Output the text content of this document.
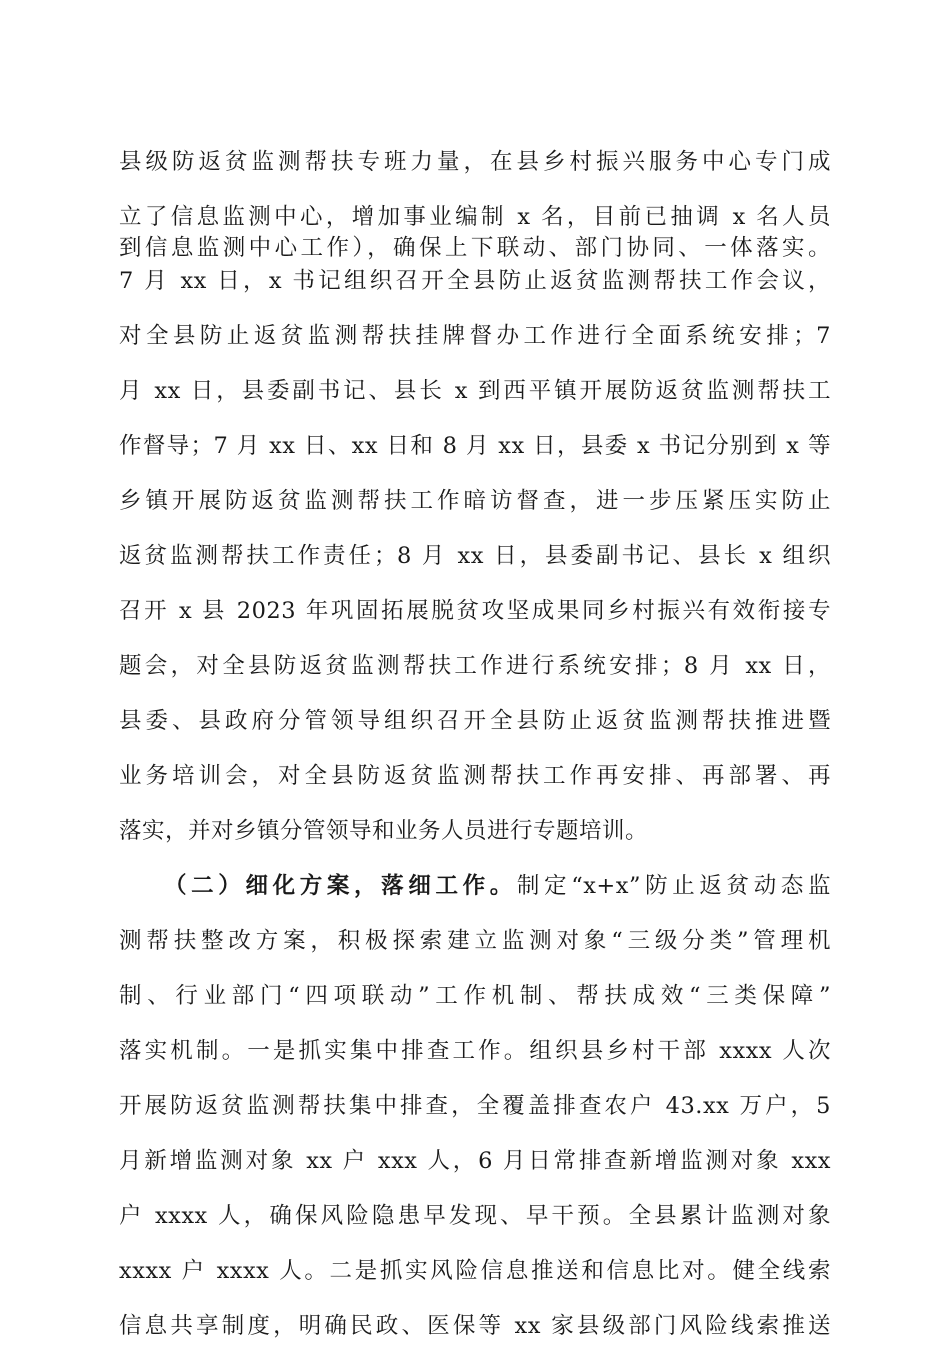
县级防返贫监测帮扶专班力量，在县乡村振兴服务中心专门成
立了信息监测中心，增加事业编制 x 名，目前已抽调 x 名人员
到信息监测中心工作），确保上下联动、部门协同、一体落实。
7 月 xx 日，x 书记组织召开全县防止返贫监测帮扶工作会议，
对全县防止返贫监测帮扶挂牌督办工作进行全面系统安排；7
月 xx 日，县委副书记、县长 x 到西平镇开展防返贫监测帮扶工
作督导；7 月 xx 日、xx 日和 8 月 xx 日，县委 x 书记分别到 x 等
乡镇开展防返贫监测帮扶工作暗访督查，进一步压紧压实防止
返贫监测帮扶工作责任；8 月 xx 日，县委副书记、县长 x 组织
召开 x 县 2023 年巩固拓展脱贫攻坚成果同乡村振兴有效衔接专
题会，对全县防返贫监测帮扶工作进行系统安排；8 月 xx 日，
县委、县政府分管领导组织召开全县防止返贫监测帮扶推进暨
业务培训会，对全县防返贫监测帮扶工作再安排、再部署、再
落实，并对乡镇分管领导和业务人员进行专题培训。
（二）细化方案，落细工作。制定“x+x”防止返贫动态监
测帮扶整改方案，积极探索建立监测对象“三级分类”管理机
制、行业部门“四项联动”工作机制、帮扶成效“三类保障”
落实机制。一是抓实集中排查工作。组织县乡村干部 xxxx 人次
开展防返贫监测帮扶集中排查，全覆盖排查农户 43.xx 万户，5
月新增监测对象 xx 户 xxx 人，6 月日常排查新增监测对象 xxx
户 xxxx 人，确保风险隐患早发现、早干预。全县累计监测对象
xxxx 户 xxxx 人。二是抓实风险信息推送和信息比对。健全线索
信息共享制度，明确民政、医保等 xx 家县级部门风险线索推送
